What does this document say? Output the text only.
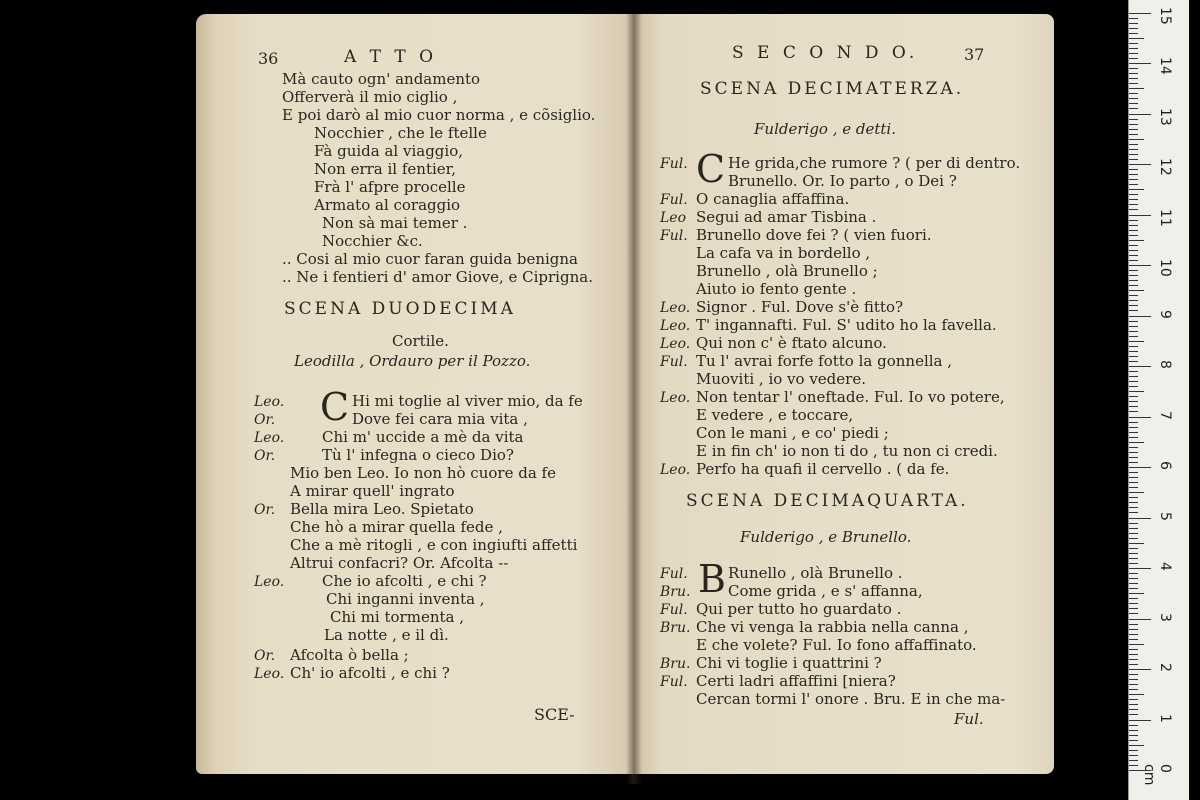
36	A T T O
Mà cauto ogn' andamento
Offerverà il mio ciglio ,
E poi darò al mio cuor norma , e cõsiglio.
Nocchier , che le ftelle
Fà guida al viaggio,
Non erra il fentier,
Frà l' afpre procelle
Armato al coraggio
Non sà mai temer .
Nocchier &c.
.. Cosi al mio cuor faran guida benigna
.. Ne i fentieri d' amor Giove, e Ciprigna.
SCENA DUODECIMA
Cortile.
Leodilla , Ordauro per il Pozzo.
Leo. C Hi mi toglie al viver mio, da fe
Or.	Dove fei cara mia vita ,
Leo.	Chi m' uccide a mè da vita
Or.	Tù l' infegna o cieco Dio?
Mio ben Leo. Io non hò cuore da fe
A mirar quell' ingrato
Or. Bella mira Leo. Spietato
Che hò a mirar quella fede ,
Che a mè ritogli , e con ingiufti affetti
Altrui confacri? Or. Afcolta --
Leo.	Che io afcolti , e chi ?
Chi inganni inventa ,
Chi mi tormenta ,
La notte , e il dì.
Or. Afcolta ò bella ;
Leo. Ch' io afcolti , e chi ?
SCE-
S E C O N D O.	37
SCENA DECIMATERZA.
Fulderigo , e detti.
Ful. C He grida,che rumore ? ( per di dentro.
Brunello. Or. Io parto , o Dei ?
Ful. O canaglia affaffina.
Leo Segui ad amar Tisbina .
Ful. Brunello dove fei ? ( vien fuori.
La cafa va in bordello ,
Brunello , olà Brunello ;
Aiuto io fento gente .
Leo. Signor . Ful. Dove s'è fitto?
Leo. T' ingannafti. Ful. S' udito ho la favella.
Leo. Qui non c' è ftato alcuno.
Ful. Tu l' avrai forfe fotto la gonnella ,
Muoviti , io vo vedere.
Leo. Non tentar l' oneftade. Ful. Io vo potere,
E vedere , e toccare,
Con le mani , e co' piedi ;
E in fin ch' io non ti do , tu non ci credi.
Leo. Perfo ha quafi il cervello . ( da fe.
SCENA DECIMAQUARTA.
Fulderigo , e Brunello.
Ful. B Runello , olà Brunello .
Bru.	Come grida , e s' affanna,
Ful. Qui per tutto ho guardato .
Bru. Che vi venga la rabbia nella canna ,
E che volete? Ful. Io fono affaffinato.
Bru. Chi vi toglie i quattrini ?
Ful. Certi ladri affaffini [niera?
Cercan tormi l' onore . Bru. E in che ma-
Ful.
0 cm
1
2
3
4
5
6
7
8
9
10
11
12
13
14
15
